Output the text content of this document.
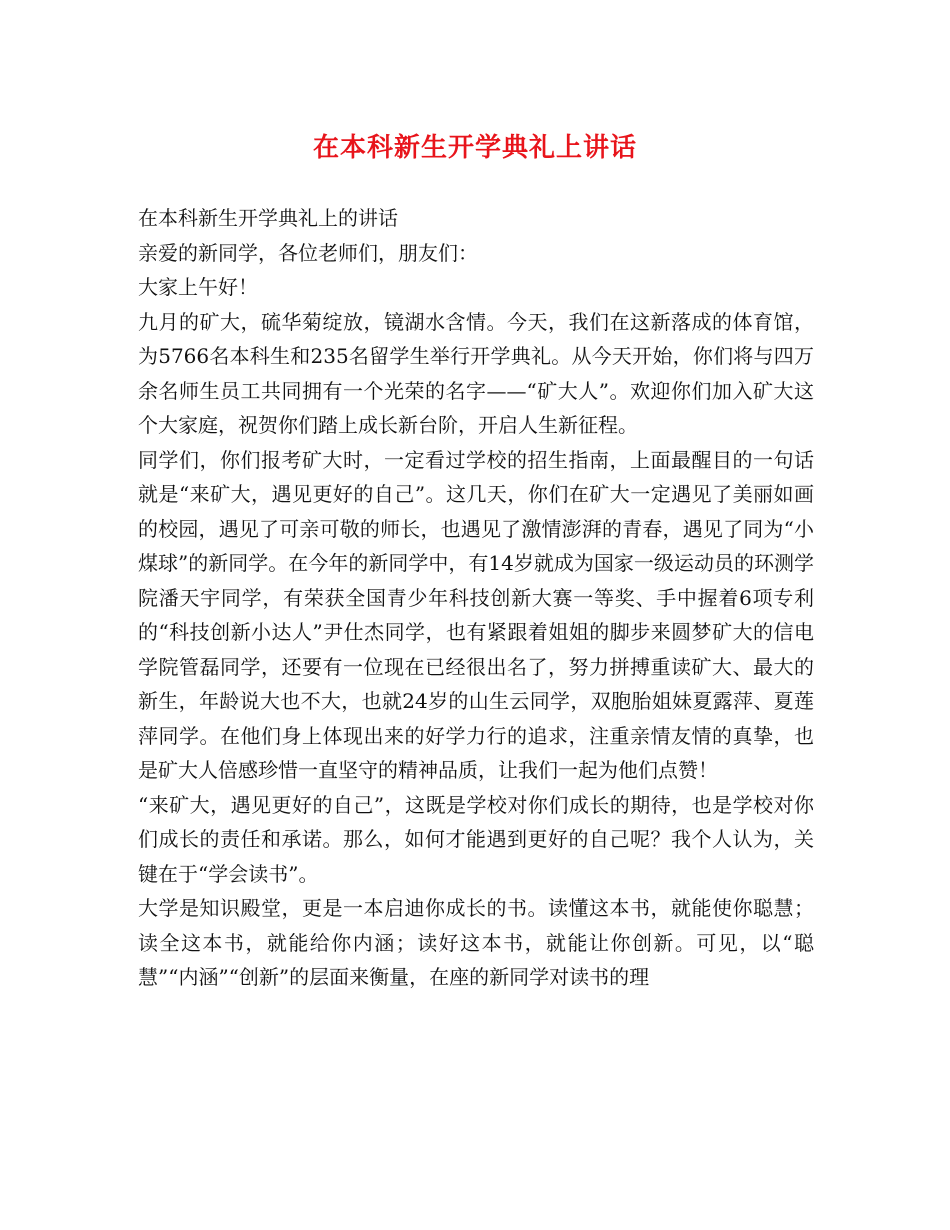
在本科新生开学典礼上讲话

在本科新生开学典礼上的讲话

亲爱的新同学，各位老师们，朋友们：

大家上午好！

九月的矿大，硫华菊绽放，镜湖水含情。今天，我们在这新落成的体育馆，为5766名本科生和235名留学生举行开学典礼。从今天开始，你们将与四万余名师生员工共同拥有一个光荣的名字——“矿大人”。欢迎你们加入矿大这个大家庭，祝贺你们踏上成长新台阶，开启人生新征程。

同学们，你们报考矿大时，一定看过学校的招生指南，上面最醒目的一句话就是“来矿大，遇见更好的自己”。这几天，你们在矿大一定遇见了美丽如画的校园，遇见了可亲可敬的师长，也遇见了激情澎湃的青春，遇见了同为“小煤球”的新同学。在今年的新同学中，有14岁就成为国家一级运动员的环测学院潘天宇同学，有荣获全国青少年科技创新大赛一等奖、手中握着6项专利的“科技创新小达人”尹仕杰同学，也有紧跟着姐姐的脚步来圆梦矿大的信电学院管磊同学，还要有一位现在已经很出名了，努力拼搏重读矿大、最大的新生，年龄说大也不大，也就24岁的山生云同学，双胞胎姐妹夏露萍、夏莲萍同学。在他们身上体现出来的好学力行的追求，注重亲情友情的真挚，也是矿大人倍感珍惜一直坚守的精神品质，让我们一起为他们点赞！

“来矿大，遇见更好的自己”，这既是学校对你们成长的期待，也是学校对你们成长的责任和承诺。那么，如何才能遇到更好的自己呢？我个人认为，关键在于“学会读书”。

大学是知识殿堂，更是一本启迪你成长的书。读懂这本书，就能使你聪慧；读全这本书，就能给你内涵；读好这本书，就能让你创新。可见，以“聪慧”“内涵”“创新”的层面来衡量，在座的新同学对读书的理
